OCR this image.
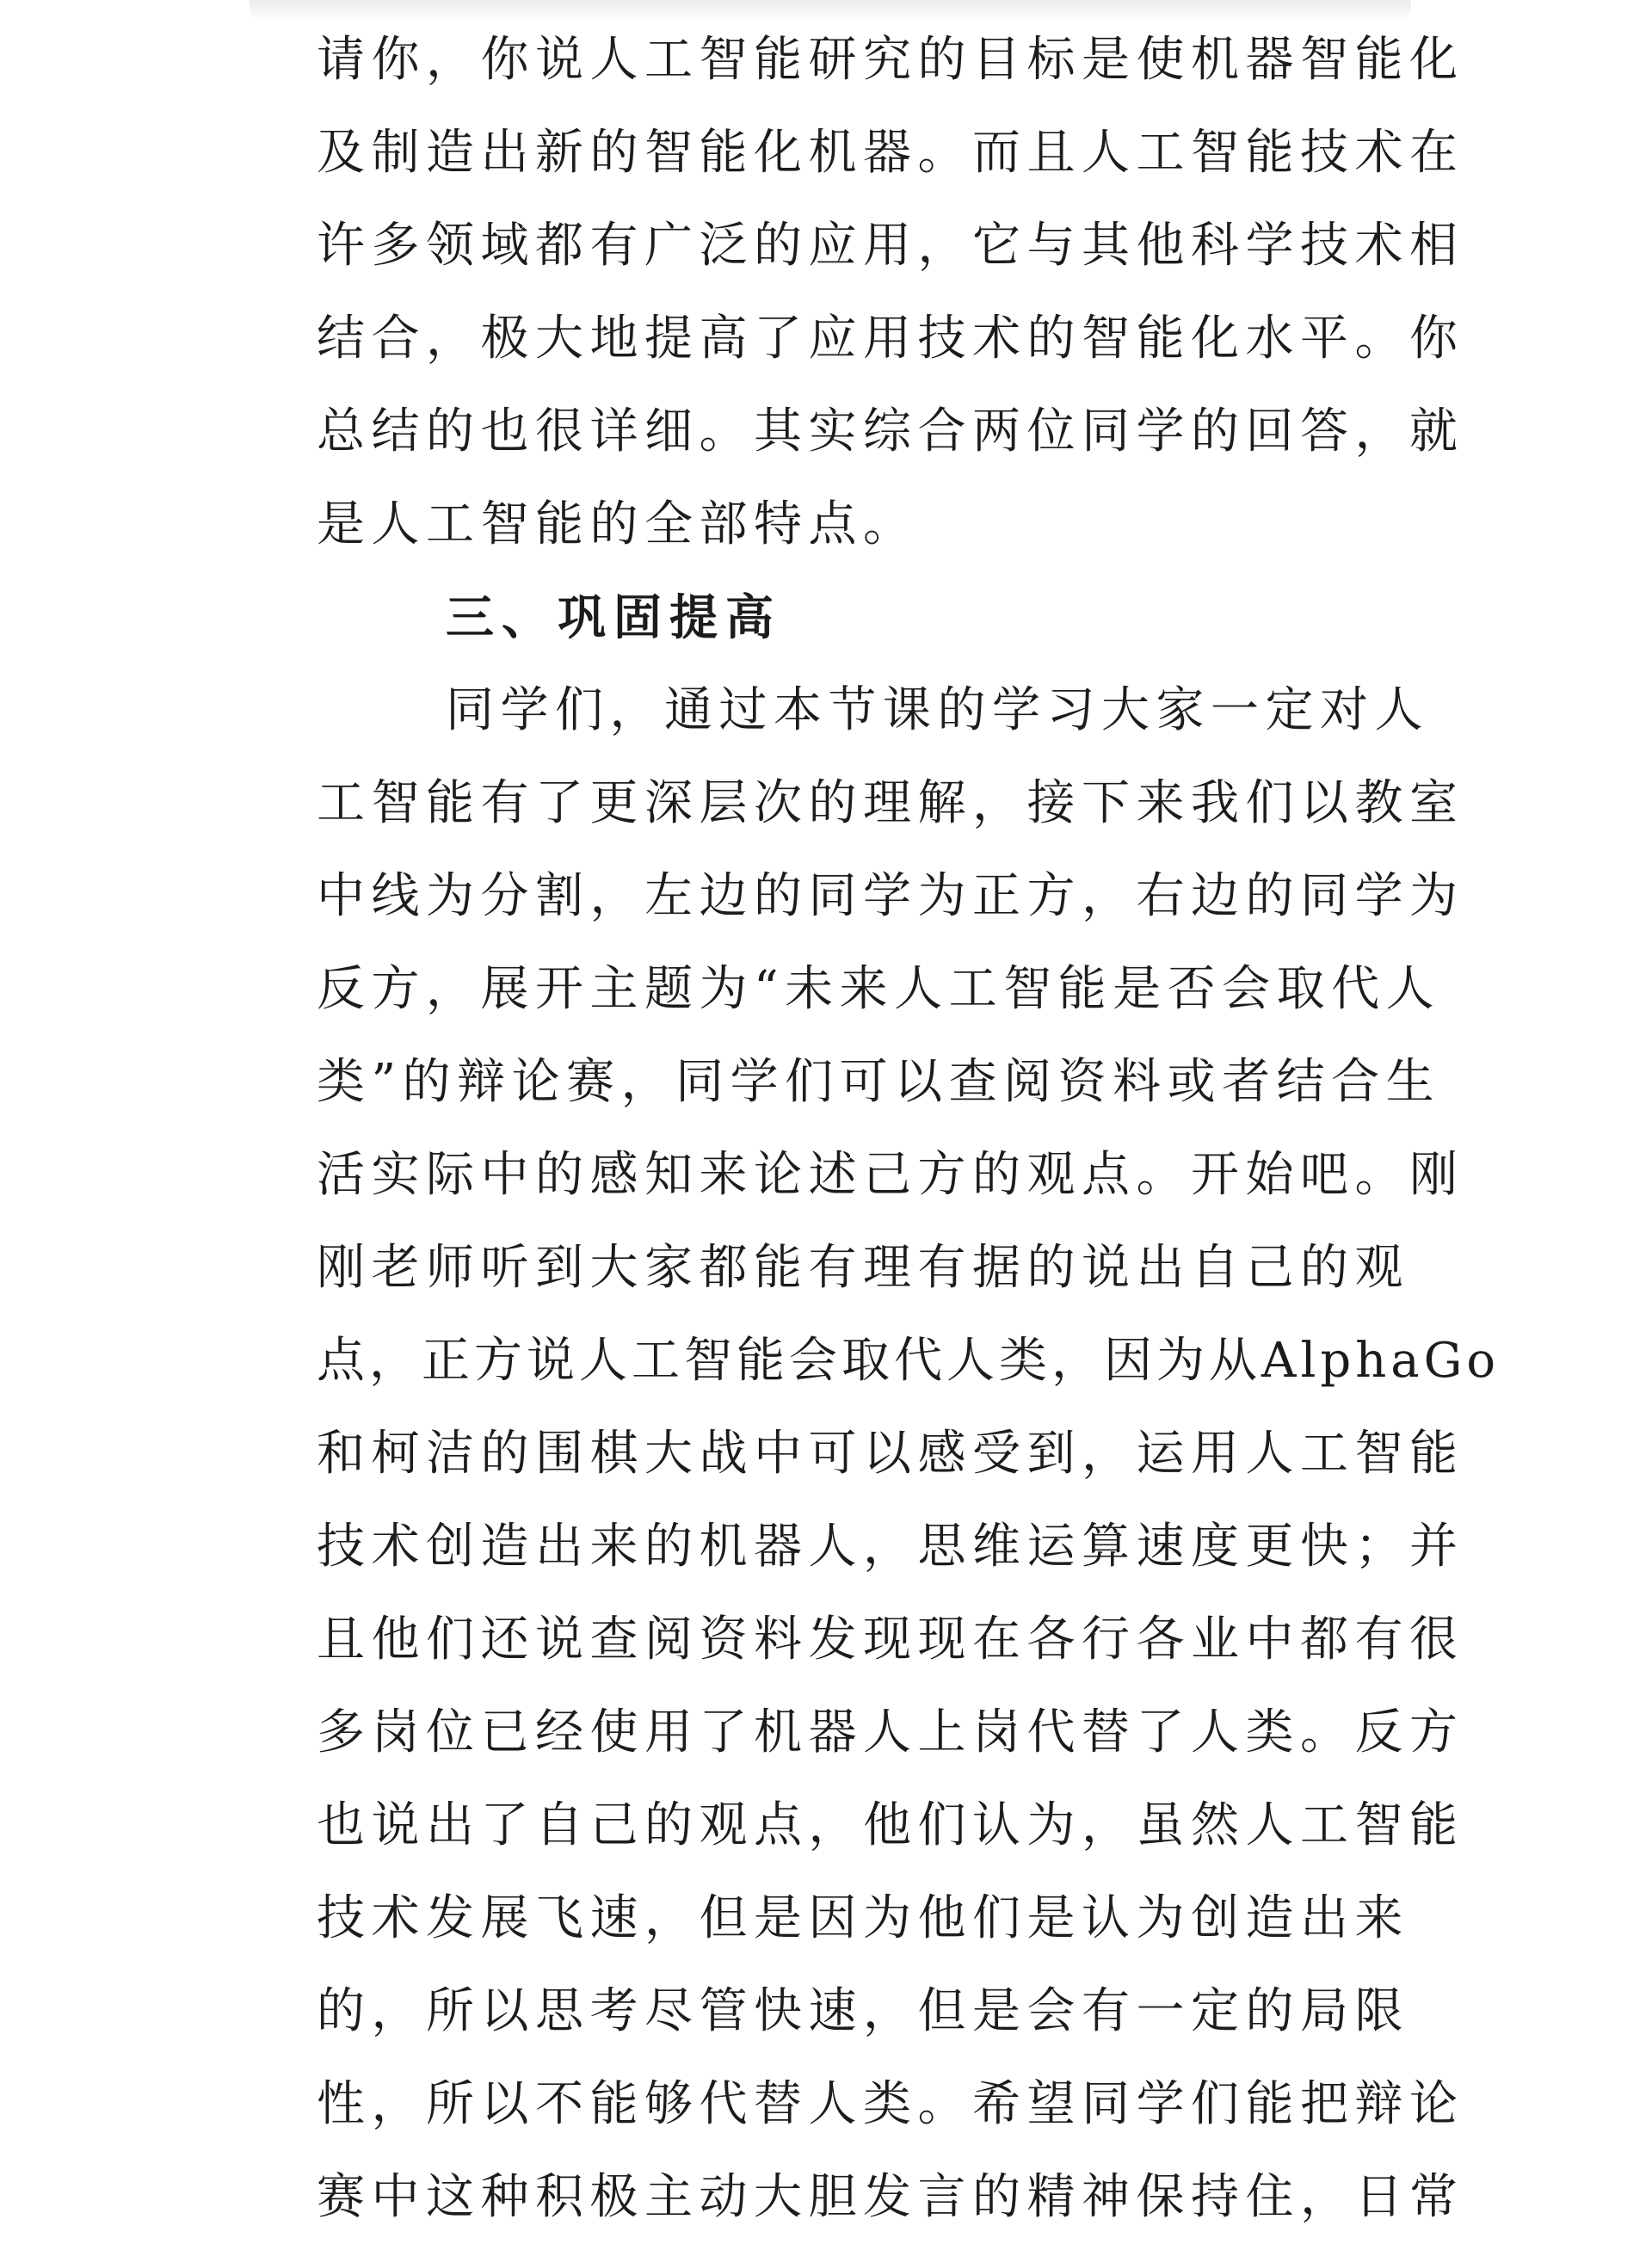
请你，你说人工智能研究的目标是使机器智能化
及制造出新的智能化机器。而且人工智能技术在
许多领域都有广泛的应用，它与其他科学技术相
结合，极大地提高了应用技术的智能化水平。你
总结的也很详细。其实综合两位同学的回答，就
是人工智能的全部特点。
三、巩固提高
同学们，通过本节课的学习大家一定对人
工智能有了更深层次的理解，接下来我们以教室
中线为分割，左边的同学为正方，右边的同学为
反方，展开主题为“未来人工智能是否会取代人
类”的辩论赛，同学们可以查阅资料或者结合生
活实际中的感知来论述己方的观点。开始吧。刚
刚老师听到大家都能有理有据的说出自己的观
点，正方说人工智能会取代人类，因为从AlphaGo
和柯洁的围棋大战中可以感受到，运用人工智能
技术创造出来的机器人，思维运算速度更快；并
且他们还说查阅资料发现现在各行各业中都有很
多岗位已经使用了机器人上岗代替了人类。反方
也说出了自己的观点，他们认为，虽然人工智能
技术发展飞速，但是因为他们是认为创造出来
的，所以思考尽管快速，但是会有一定的局限
性，所以不能够代替人类。希望同学们能把辩论
赛中这种积极主动大胆发言的精神保持住，日常
